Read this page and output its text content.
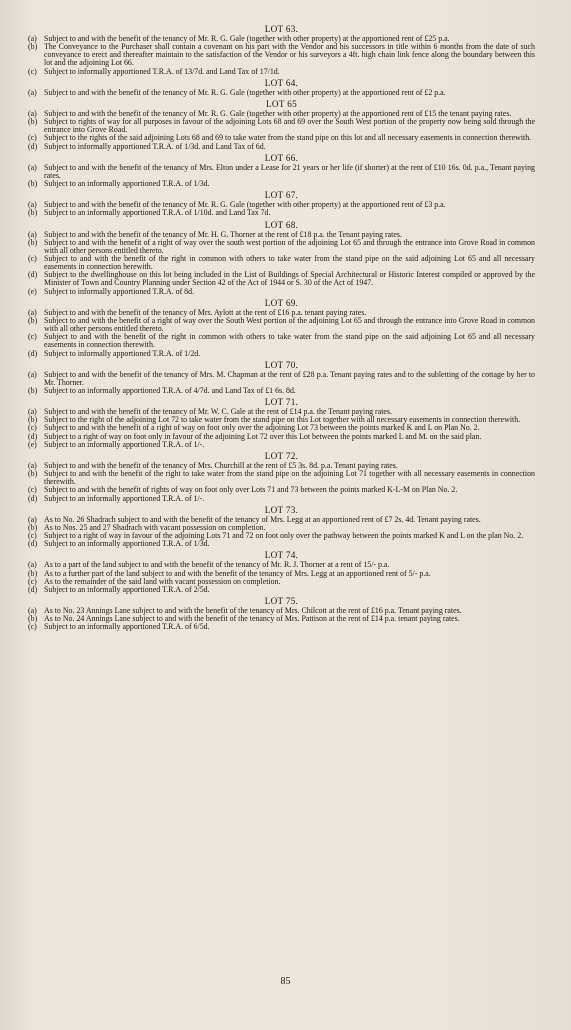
LOT 63.
(a) Subject to and with the benefit of the tenancy of Mr. R. G. Gale (together with other property) at the apportioned rent of £25 p.a.
(b) The Conveyance to the Purchaser shall contain a covenant on his part with the Vendor and his successors in title within 6 months from the date of such conveyance to erect and thereafter maintain to the satisfaction of the Vendor or his surveyors a 4ft. high chain link fence along the boundary between this lot and the adjoining Lot 66.
(c) Subject to informally apportioned T.R.A. of 13/7d. and Land Tax of 17/1d.
LOT 64.
(a) Subject to and with the benefit of the tenancy of Mr. R. G. Gale (together with other property) at the apportioned rent of £2 p.a.
LOT 65
(a) Subject to and with the benefit of the tenancy of Mr. R. G. Gale (together with other property) at the apportioned rent of £15 the tenant paying rates.
(b) Subject to rights of way for all purposes in favour of the adjoining Lots 68 and 69 over the South West portion of the property now being sold through the entrance into Grove Road.
(c) Subject to the rights of the said adjoining Lots 68 and 69 to take water from the stand pipe on this lot and all necessary easements in connection therewith.
(d) Subject to informally apportioned T.R.A. of 1/3d. and Land Tax of 6d.
LOT 66.
(a) Subject to and with the benefit of the tenancy of Mrs. Elton under a Lease for 21 years or her life (if shorter) at the rent of £10 16s. 0d. p.a., Tenant paying rates.
(b) Subject to an informally apportioned T.R.A. of 1/3d.
LOT 67.
(a) Subject to and with the benefit of the tenancy of Mr. R. G. Gale (together with other property) at the apportioned rent of £3 p.a.
(b) Subject to an informally apportioned T.R.A. of 1/10d. and Land Tax 7d.
LOT 68.
(a) Subject to and with the benefit of the tenancy of Mr. H. G. Thorner at the rent of £18 p.a. the Tenant paying rates.
(b) Subject to and with the benefit of a right of way over the south west portion of the adjoining Lot 65 and through the entrance into Grove Road in common with all other persons entitled thereto.
(c) Subject to and with the benefit of the right in common with others to take water from the stand pipe on the said adjoining Lot 65 and all necessary easements in connection herewith.
(d) Subject to the dwellinghouse on this lot being included in the List of Buildings of Special Architectural or Historic Interest compiled or approved by the Minister of Town and Country Planning under Section 42 of the Act of 1944 or S. 30 of the Act of 1947.
(e) Subject to informally apportioned T.R.A. of 8d.
LOT 69.
(a) Subject to and with the benefit of the tenancy of Mrs. Aylott at the rent of £16 p.a. tenant paying rates.
(b) Subject to and with the benefit of a right of way over the South West portion of the adjoining Lot 65 and through the entrance into Grove Road in common with all other persons entitled thereto.
(c) Subject to and with the benefit of the right in common with others to take water from the stand pipe on the said adjoining Lot 65 and all necessary easements in connection therewith.
(d) Subject to informally apportioned T.R.A. of 1/2d.
LOT 70.
(a) Subject to and with the benefit of the tenancy of Mrs. M. Chapman at the rent of £28 p.a. Tenant paying rates and to the subletting of the cottage by her to Mr. Thorner.
(b) Subject to an informally apportioned T.R.A. of 4/7d. and Land Tax of £1 6s. 8d.
LOT 71.
(a) Subject to and with the benefit of the tenancy of Mr. W. C. Gale at the rent of £14 p.a. the Tenant paying rates.
(b) Subject to the right of the adjoining Lot 72 to take water from the stand pipe on this Lot together with all necessary easements in connection therewith.
(c) Subject to and with the benefit of a right of way on foot only over the adjoining Lot 73 between the points marked K and L on Plan No. 2.
(d) Subject to a right of way on foot only in favour of the adjoining Lot 72 over this Lot between the points marked L and M. on the said plan.
(e) Subject to an informally apportioned T.R.A. of 1/-.
LOT 72.
(a) Subject to and with the benefit of the tenancy of Mrs. Churchill at the rent of £5 3s. 8d. p.a. Tenant paying rates.
(b) Subject to and with the benefit of the right to take water from the stand pipe on the adjoining Lot 71 together with all necessary easements in connection therewith.
(c) Subject to and with the benefit of rights of way on foot only over Lots 71 and 73 between the points marked K-L-M on Plan No. 2.
(d) Subject to an informally apportioned T.R.A. of 1/-.
LOT 73.
(a) As to No. 26 Shadrach subject to and with the benefit of the tenancy of Mrs. Legg at an apportioned rent of £7 2s. 4d. Tenant paying rates.
(b) As to Nos. 25 and 27 Shadrach with vacant possession on completion.
(c) Subject to a right of way in favour of the adjoining Lots 71 and 72 on foot only over the pathway between the points marked K and L on the plan No. 2.
(d) Subject to an informally apportioned T.R.A. of 1/3d.
LOT 74.
(a) As to a part of the land subject to and with the benefit of the tenancy of Mr. R. J. Thorner at a rent of 15/- p.a.
(b) As to a further part of the land subject to and with the benefit of the tenancy of Mrs. Legg at an apportioned rent of 5/- p.a.
(c) As to the remainder of the said land with vacant possession on completion.
(d) Subject to an informally apportioned T.R.A. of 2/5d.
LOT 75.
(a) As to No. 23 Annings Lane subject to and with the benefit of the tenancy of Mrs. Chilcott at the rent of £16 p.a. Tenant paying rates.
(b) As to No. 24 Annings Lane subject to and with the benefit of the tenancy of Mrs. Pattison at the rent of £14 p.a. tenant paying rates.
(c) Subject to an informally apportioned T.R.A. of 6/5d.
85
